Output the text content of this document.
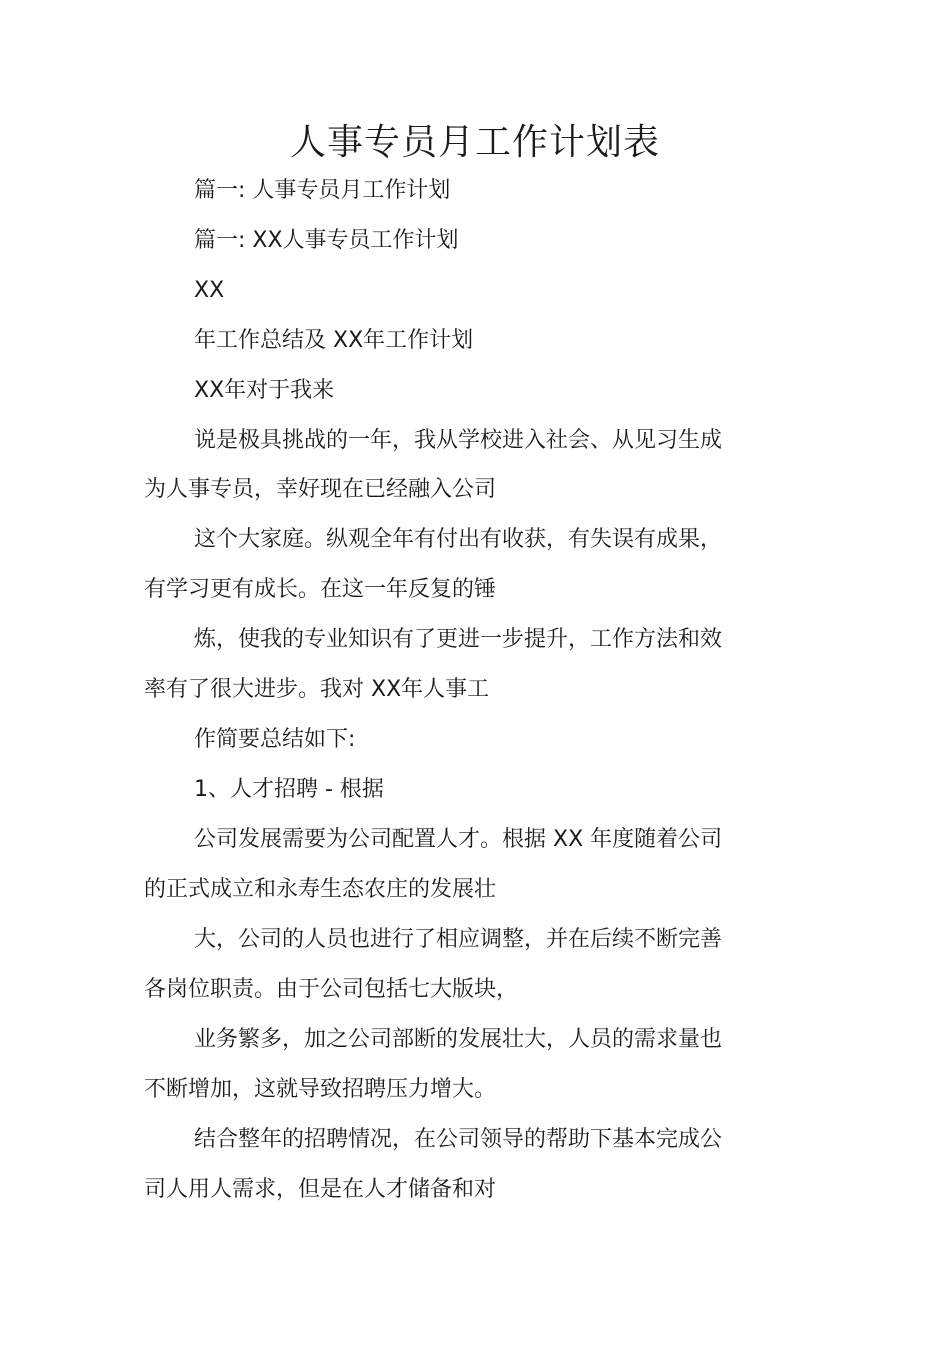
人事专员月工作计划表
篇一: 人事专员月工作计划
篇一: XX人事专员工作计划
XX
年工作总结及 XX年工作计划
XX年对于我来
说是极具挑战的一年，我从学校进入社会、从见习生成
为人事专员，幸好现在已经融入公司
这个大家庭。纵观全年有付出有收获，有失误有成果，
有学习更有成长。在这一年反复的锤
炼，使我的专业知识有了更进一步提升，工作方法和效
率有了很大进步。我对 XX年人事工
作简要总结如下:
1、人才招聘 - 根据
公司发展需要为公司配置人才。根据 XX 年度随着公司
的正式成立和永寿生态农庄的发展壮
大，公司的人员也进行了相应调整，并在后续不断完善
各岗位职责。由于公司包括七大版块，
业务繁多，加之公司部断的发展壮大，人员的需求量也
不断增加，这就导致招聘压力增大。
结合整年的招聘情况，在公司领导的帮助下基本完成公
司人用人需求，但是在人才储备和对
